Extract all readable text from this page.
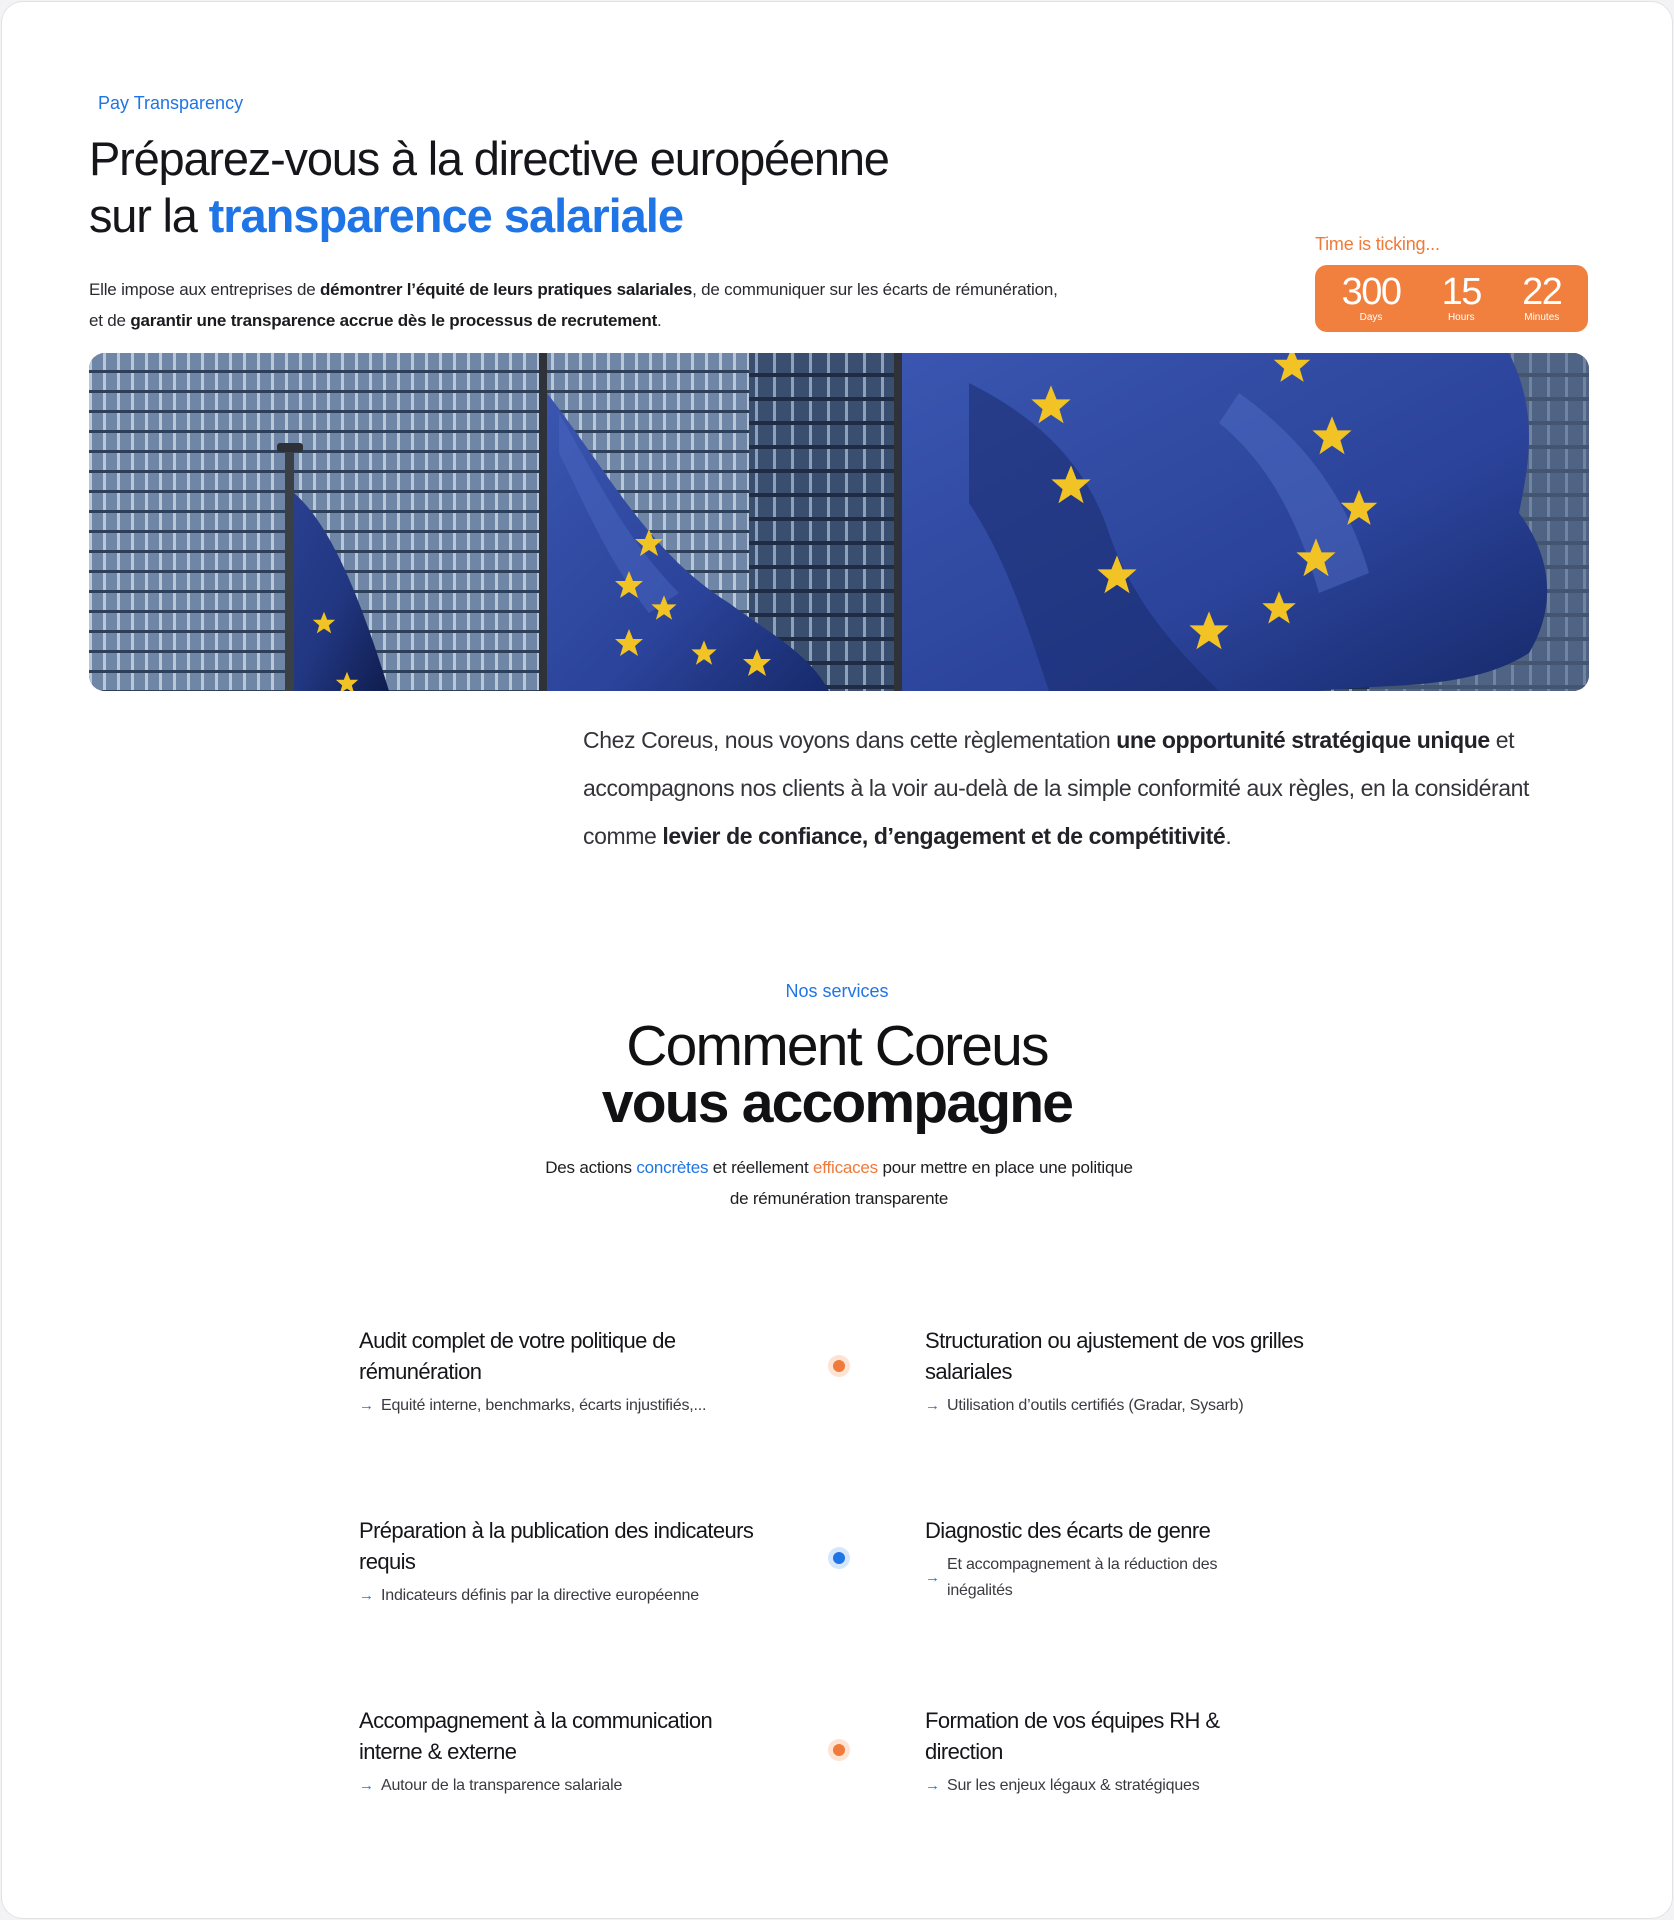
Pay Transparency
Préparez-vous à la directive européenne
sur la transparence salariale

Elle impose aux entreprises de démontrer l’équité de leurs pratiques salariales, de communiquer sur les écarts de rémunération,
et de garantir une transparence accrue dès le processus de recrutement.

Time is ticking...
300
Days
15
Hours
22
Minutes

Chez Coreus, nous voyons dans cette règlementation une opportunité stratégique unique et accompagnons nos clients à la voir au-delà de la simple conformité aux règles, en la considérant comme levier de confiance, d’engagement et de compétitivité.

Nos services
Comment Coreus
vous accompagne

Des actions concrètes et réellement efficaces pour mettre en place une politique de rémunération transparente

Audit complet de votre politique de rémunération
→ Equité interne, benchmarks, écarts injustifiés,...
Structuration ou ajustement de vos grilles salariales
→ Utilisation d’outils certifiés (Gradar, Sysarb)
Préparation à la publication des indicateurs requis
→ Indicateurs définis par la directive européenne
Diagnostic des écarts de genre
→
Et accompagnement à la réduction des inégalités
Accompagnement à la communication interne & externe
→ Autour de la transparence salariale
Formation de vos équipes RH & direction
→ Sur les enjeux légaux & stratégiques
